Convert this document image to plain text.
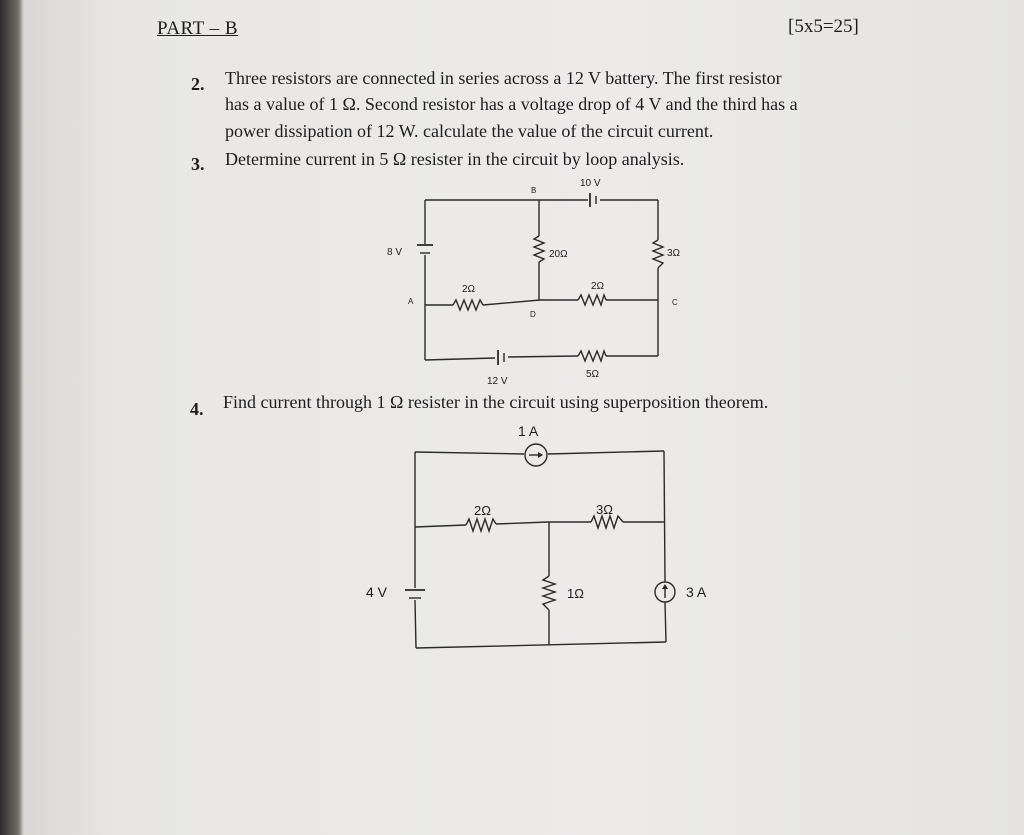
PART – B	[5x5=25]
2. Three resistors are connected in series across a 12 V battery. The first resistor
has a value of 1 Ω. Second resistor has a voltage drop of 4 V and the third has a
power dissipation of 12 W. calculate the value of the circuit current.
3. Determine current in 5 Ω resister in the circuit by loop analysis.
B
10 V
8 V	20Ω	3Ω
2Ω	2Ω
A
D
C
12 V
5Ω
4. Find current through 1 Ω resister in the circuit using superposition theorem.
1 A
2Ω	3Ω
4 V	1Ω	3 A
